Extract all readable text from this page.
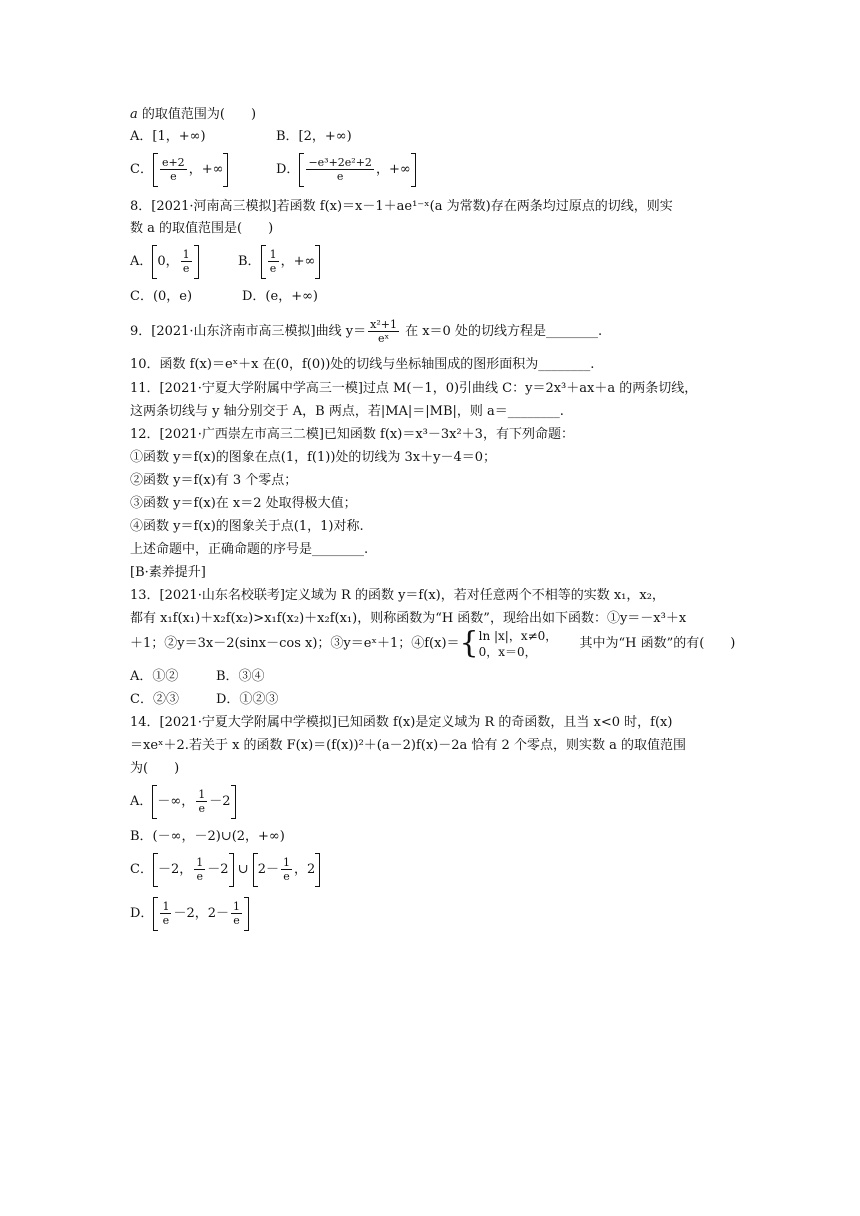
a 的取值范围为(　　)
A．[1，+∞)	B．[2，+∞)
C． $\frac{e+2}{e}$ ，+∞	D． $\frac{\text{−e³+2e²+2}}{e}$ ，+∞
8．[2021·河南高三模拟]若函数 f(x)＝x－1＋ae¹⁻ˣ(a 为常数)存在两条均过原点的切线，则实
数 a 的取值范围是(　　)
A． 0， $\frac{1}{e}$	B． $\frac{1}{e}$ ，+∞
C．(0，e)	D．(e，+∞)
9．[2021·山东济南市高三模拟]曲线 $y= \frac{\text{x²+1}}{\text{eˣ}}$ 在 x＝0 处的切线方程是________.
10．函数 f(x)＝eˣ＋x 在(0，f(0))处的切线与坐标轴围成的图形面积为________.
11．[2021·宁夏大学附属中学高三一模]过点 M(－1，0)引曲线 C：y＝2x³＋ax＋a 的两条切线，
这两条切线与 y 轴分别交于 A，B 两点，若|MA|＝|MB|，则 a＝________.
12．[2021·广西崇左市高三二模]已知函数 f(x)＝x³－3x²＋3，有下列命题：
①函数 y＝f(x)的图象在点(1，f(1))处的切线为 3x＋y－4＝0；
②函数 y＝f(x)有 3 个零点；
③函数 y＝f(x)在 x＝2 处取得极大值；
④函数 y＝f(x)的图象关于点(1，1)对称.
上述命题中，正确命题的序号是________.
[B·素养提升]
13．[2021·山东名校联考]定义域为 R 的函数 y＝f(x)，若对任意两个不相等的实数 x₁，x₂，
都有 x₁f(x₁)＋x₂f(x₂)>x₁f(x₂)＋x₂f(x₁)，则称函数为“H 函数”，现给出如下函数：①y＝－x³＋x
＋1；②y＝3x－2(sinx－cos x)；③y＝eˣ＋1；④f(x)＝{ ln |x|，x≠0，
0，x＝0，
其中为“H 函数”的有(　　)
A．①②	B．③④
C．②③	D．①②③
14．[2021·宁夏大学附属中学模拟]已知函数 f(x)是定义域为 R 的奇函数，且当 x<0 时，f(x)
＝xeˣ＋2.若关于 x 的函数 F(x)＝(f(x))²＋(a－2)f(x)－2a 恰有 2 个零点，则实数 a 的取值范围
为(　　)
A． －∞， $\frac{1}{e} -2$
B．(－∞，－2)∪(2，+∞)
C． －2， $\frac{1}{e} -2$ ∪ $2- \frac{1}{e}$ ，2
D． $\frac{1}{e} -2$，$2- \frac{1}{e}$
